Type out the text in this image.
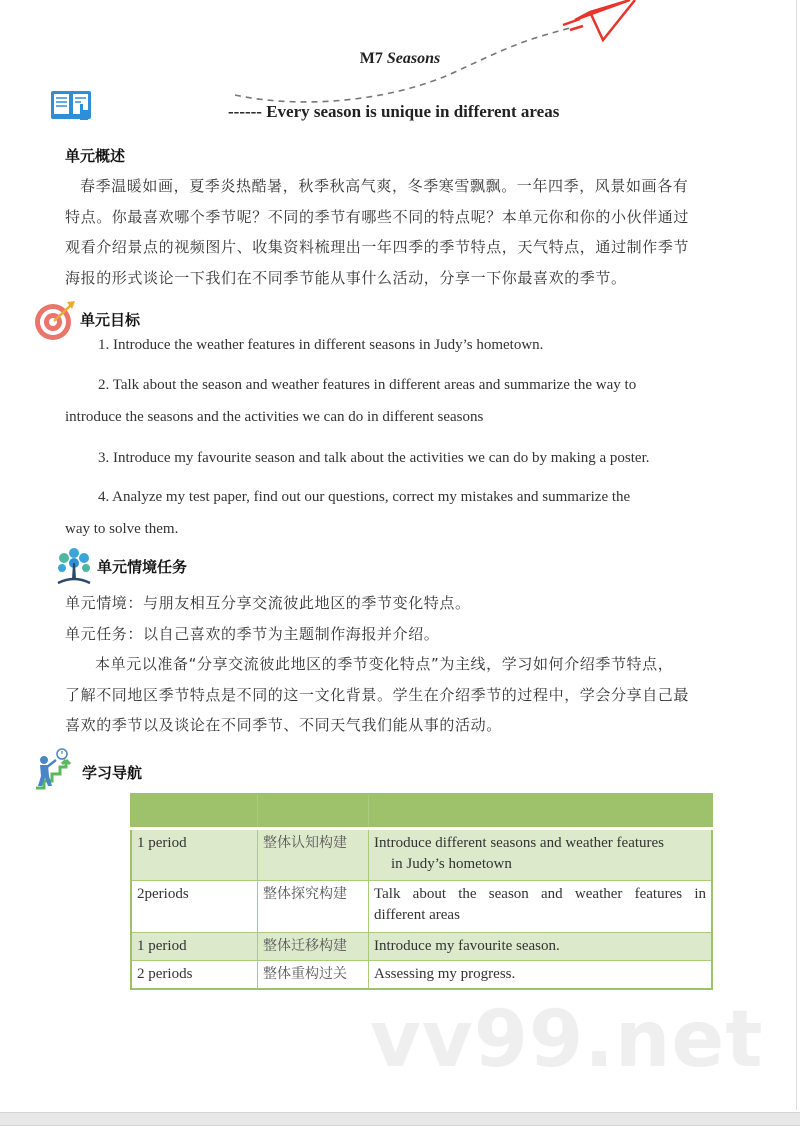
M7 Seasons
------ Every season is unique in different areas
单元概述
春季温暖如画，夏季炎热酷暑，秋季秋高气爽，冬季寒雪飘飘。一年四季，风景如画各有
特点。你最喜欢哪个季节呢？不同的季节有哪些不同的特点呢？本单元你和你的小伙伴通过
观看介绍景点的视频图片、收集资料梳理出一年四季的季节特点，天气特点，通过制作季节
海报的形式谈论一下我们在不同季节能从事什么活动，分享一下你最喜欢的季节。
单元目标
1. Introduce the weather features in different seasons in Judy’s hometown.
2. Talk about the season and weather features in different areas and summarize the way to
introduce the seasons and the activities we can do in different seasons
3. Introduce my favourite season and talk about the activities we can do by making a poster.
4. Analyze my test paper, find out our questions, correct my mistakes and summarize the
way to solve them.
单元情境任务
单元情境：与朋友相互分享交流彼此地区的季节变化特点。
单元任务：以自己喜欢的季节为主题制作海报并介绍。
本单元以准备“分享交流彼此地区的季节变化特点”为主线，学习如何介绍季节特点，
了解不同地区季节特点是不同的这一文化背景。学生在介绍季节的过程中，学会分享自己最
喜欢的季节以及谈论在不同季节、不同天气我们能从事的活动。
学习导航

1 period	整体认知构建	Introduce different seasons and weather features
in Judy’s hometown

2periods	整体探究构建	Talk about the season and weather features in
different areas

1 period	整体迁移构建	Introduce my favourite season.
2 periods	整体重构过关	Assessing my progress.
vv99.net
